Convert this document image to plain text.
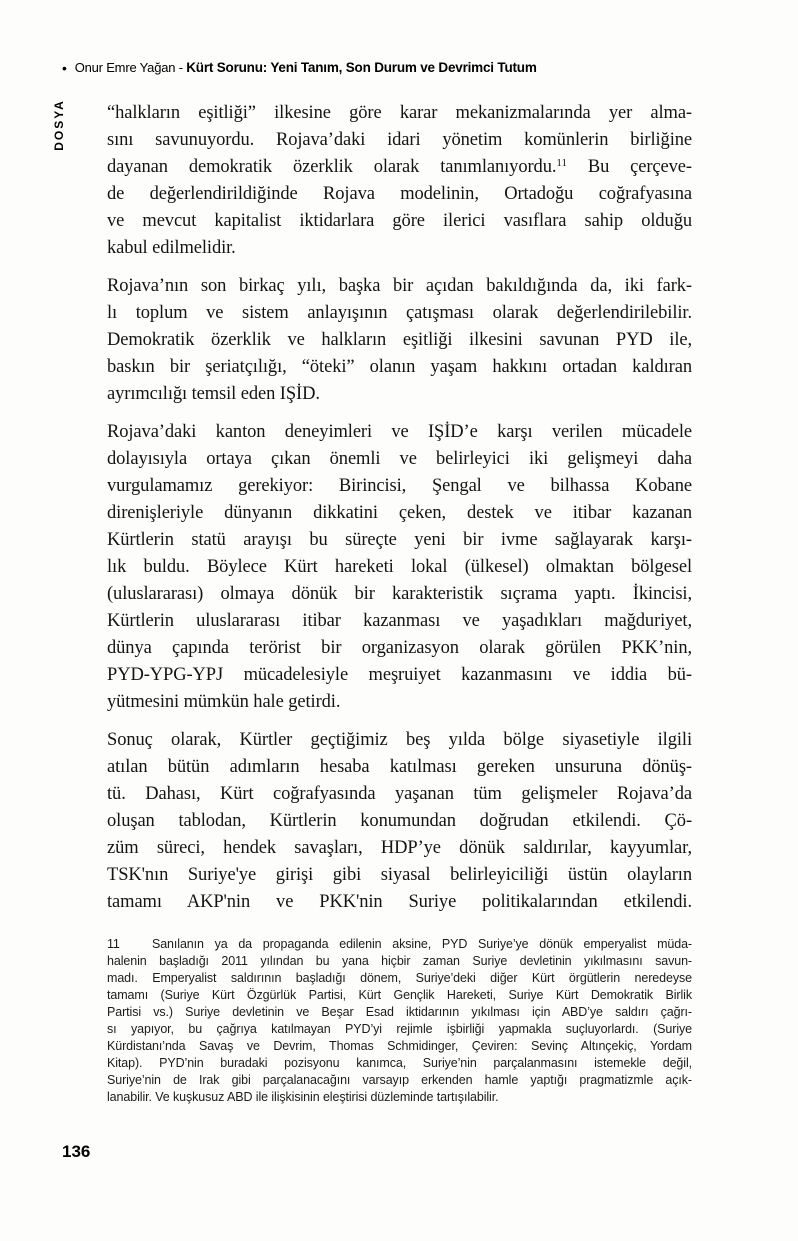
• Onur Emre Yağan - Kürt Sorunu: Yeni Tanım, Son Durum ve Devrimci Tutum
DOSYA “halkların eşitliği” ilkesine göre karar mekanizmalarında yer alma-
sını savunuyordu. Rojava’daki idari yönetim komünlerin birliğine
dayanan demokratik özerklik olarak tanımlanıyordu.$^{11}$ Bu çerçeve-
de değerlendirildiğinde Rojava modelinin, Ortadoğu coğrafyasına
ve mevcut kapitalist iktidarlara göre ilerici vasıflara sahip olduğu
kabul edilmelidir.
Rojava’nın son birkaç yılı, başka bir açıdan bakıldığında da, iki fark-
lı toplum ve sistem anlayışının çatışması olarak değerlendirilebilir.
Demokratik özerklik ve halkların eşitliği ilkesini savunan PYD ile,
baskın bir şeriatçılığı, “öteki” olanın yaşam hakkını ortadan kaldıran
ayrımcılığı temsil eden IŞİD.
Rojava’daki kanton deneyimleri ve IŞİD’e karşı verilen mücadele
dolayısıyla ortaya çıkan önemli ve belirleyici iki gelişmeyi daha
vurgulamamız gerekiyor: Birincisi, Şengal ve bilhassa Kobane
direnişleriyle dünyanın dikkatini çeken, destek ve itibar kazanan
Kürtlerin statü arayışı bu süreçte yeni bir ivme sağlayarak karşı-
lık buldu. Böylece Kürt hareketi lokal (ülkesel) olmaktan bölgesel
(uluslararası) olmaya dönük bir karakteristik sıçrama yaptı. İkincisi,
Kürtlerin uluslararası itibar kazanması ve yaşadıkları mağduriyet,
dünya çapında terörist bir organizasyon olarak görülen PKK’nin,
PYD-YPG-YPJ mücadelesiyle meşruiyet kazanmasını ve iddia bü-
yütmesini mümkün hale getirdi.
Sonuç olarak, Kürtler geçtiğimiz beş yılda bölge siyasetiyle ilgili
atılan bütün adımların hesaba katılması gereken unsuruna dönüş-
tü. Dahası, Kürt coğrafyasında yaşanan tüm gelişmeler Rojava’da
oluşan tablodan, Kürtlerin konumundan doğrudan etkilendi. Çö-
züm süreci, hendek savaşları, HDP’ye dönük saldırılar, kayyumlar,
TSK'nın Suriye'ye girişi gibi siyasal belirleyiciliği üstün olayların
tamamı AKP'nin ve PKK'nin Suriye politikalarından etkilendi.
11   Sanılanın ya da propaganda edilenin aksine, PYD Suriye’ye dönük emperyalist müda-
halenin başladığı 2011 yılından bu yana hiçbir zaman Suriye devletinin yıkılmasını savun-
madı. Emperyalist saldırının başladığı dönem, Suriye’deki diğer Kürt örgütlerin neredeyse
tamamı (Suriye Kürt Özgürlük Partisi, Kürt Gençlik Hareketi, Suriye Kürt Demokratik Birlik
Partisi vs.) Suriye devletinin ve Beşar Esad iktidarının yıkılması için ABD’ye saldırı çağrı-
sı yapıyor, bu çağrıya katılmayan PYD’yi rejimle işbirliği yapmakla suçluyorlardı. (Suriye
Kürdistanı’nda Savaş ve Devrim, Thomas Schmidinger, Çeviren: Sevinç Altınçekiç, Yordam
Kitap). PYD’nin buradaki pozisyonu kanımca, Suriye’nin parçalanmasını istemekle değil,
Suriye’nin de Irak gibi parçalanacağını varsayıp erkenden hamle yaptığı pragmatizmle açık-
lanabilir. Ve kuşkusuz ABD ile ilişkisinin eleştirisi düzleminde tartışılabilir.
136
